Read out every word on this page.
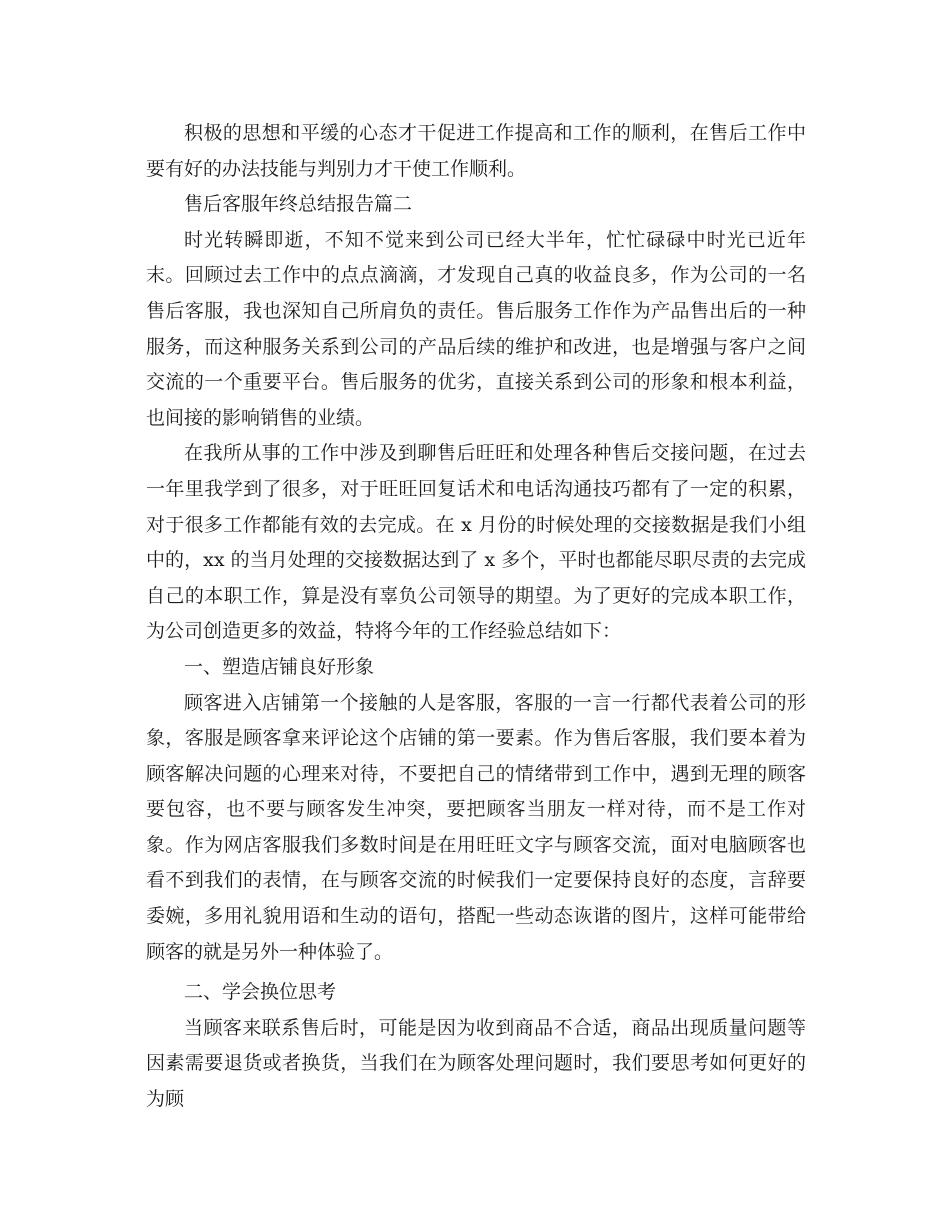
积极的思想和平缓的心态才干促进工作提高和工作的顺利，在售后工作中要有好的办法技能与判别力才干使工作顺利。

售后客服年终总结报告篇二

时光转瞬即逝，不知不觉来到公司已经大半年，忙忙碌碌中时光已近年末。回顾过去工作中的点点滴滴，才发现自己真的收益良多，作为公司的一名售后客服，我也深知自己所肩负的责任。售后服务工作作为产品售出后的一种服务，而这种服务关系到公司的产品后续的维护和改进，也是增强与客户之间交流的一个重要平台。售后服务的优劣，直接关系到公司的形象和根本利益，也间接的影响销售的业绩。

在我所从事的工作中涉及到聊售后旺旺和处理各种售后交接问题，在过去一年里我学到了很多，对于旺旺回复话术和电话沟通技巧都有了一定的积累，对于很多工作都能有效的去完成。在 x 月份的时候处理的交接数据是我们小组中的，xx 的当月处理的交接数据达到了 x 多个，平时也都能尽职尽责的去完成自己的本职工作，算是没有辜负公司领导的期望。为了更好的完成本职工作，为公司创造更多的效益，特将今年的工作经验总结如下：

一、塑造店铺良好形象

顾客进入店铺第一个接触的人是客服，客服的一言一行都代表着公司的形象，客服是顾客拿来评论这个店铺的第一要素。作为售后客服，我们要本着为顾客解决问题的心理来对待，不要把自己的情绪带到工作中，遇到无理的顾客要包容，也不要与顾客发生冲突，要把顾客当朋友一样对待，而不是工作对象。作为网店客服我们多数时间是在用旺旺文字与顾客交流，面对电脑顾客也看不到我们的表情，在与顾客交流的时候我们一定要保持良好的态度，言辞要委婉，多用礼貌用语和生动的语句，搭配一些动态诙谐的图片，这样可能带给顾客的就是另外一种体验了。

二、学会换位思考

当顾客来联系售后时，可能是因为收到商品不合适，商品出现质量问题等因素需要退货或者换货，当我们在为顾客处理问题时，我们要思考如何更好的为顾
